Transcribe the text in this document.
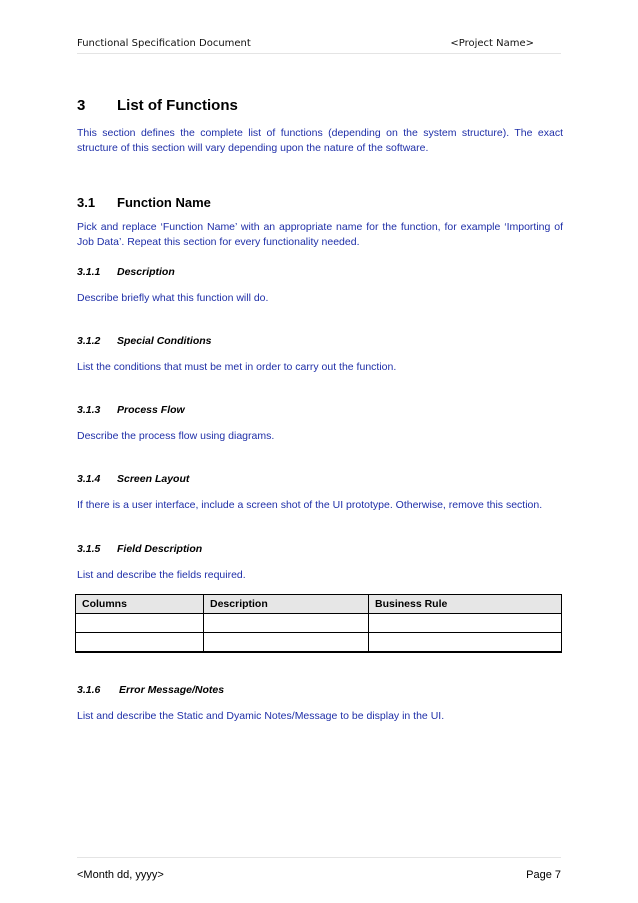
Functional Specification Document	<Project Name>
3 List of Functions
This section defines the complete list of functions (depending on the system structure). The exact structure of this section will vary depending upon the nature of the software.
3.1 Function Name
Pick and replace ‘Function Name’ with an appropriate name for the function, for example ‘Importing of Job Data’. Repeat this section for every functionality needed.
3.1.1 Description
Describe briefly what this function will do.
3.1.2 Special Conditions
List the conditions that must be met in order to carry out the function.
3.1.3 Process Flow
Describe the process flow using diagrams.
3.1.4 Screen Layout
If there is a user interface, include a screen shot of the UI prototype. Otherwise, remove this section.
3.1.5 Field Description
List and describe the fields required.
Columns	Description	Business Rule

3.1.6 Error Message/Notes
List and describe the Static and Dyamic Notes/Message to be display in the UI.
<Month dd, yyyy>	Page 7
